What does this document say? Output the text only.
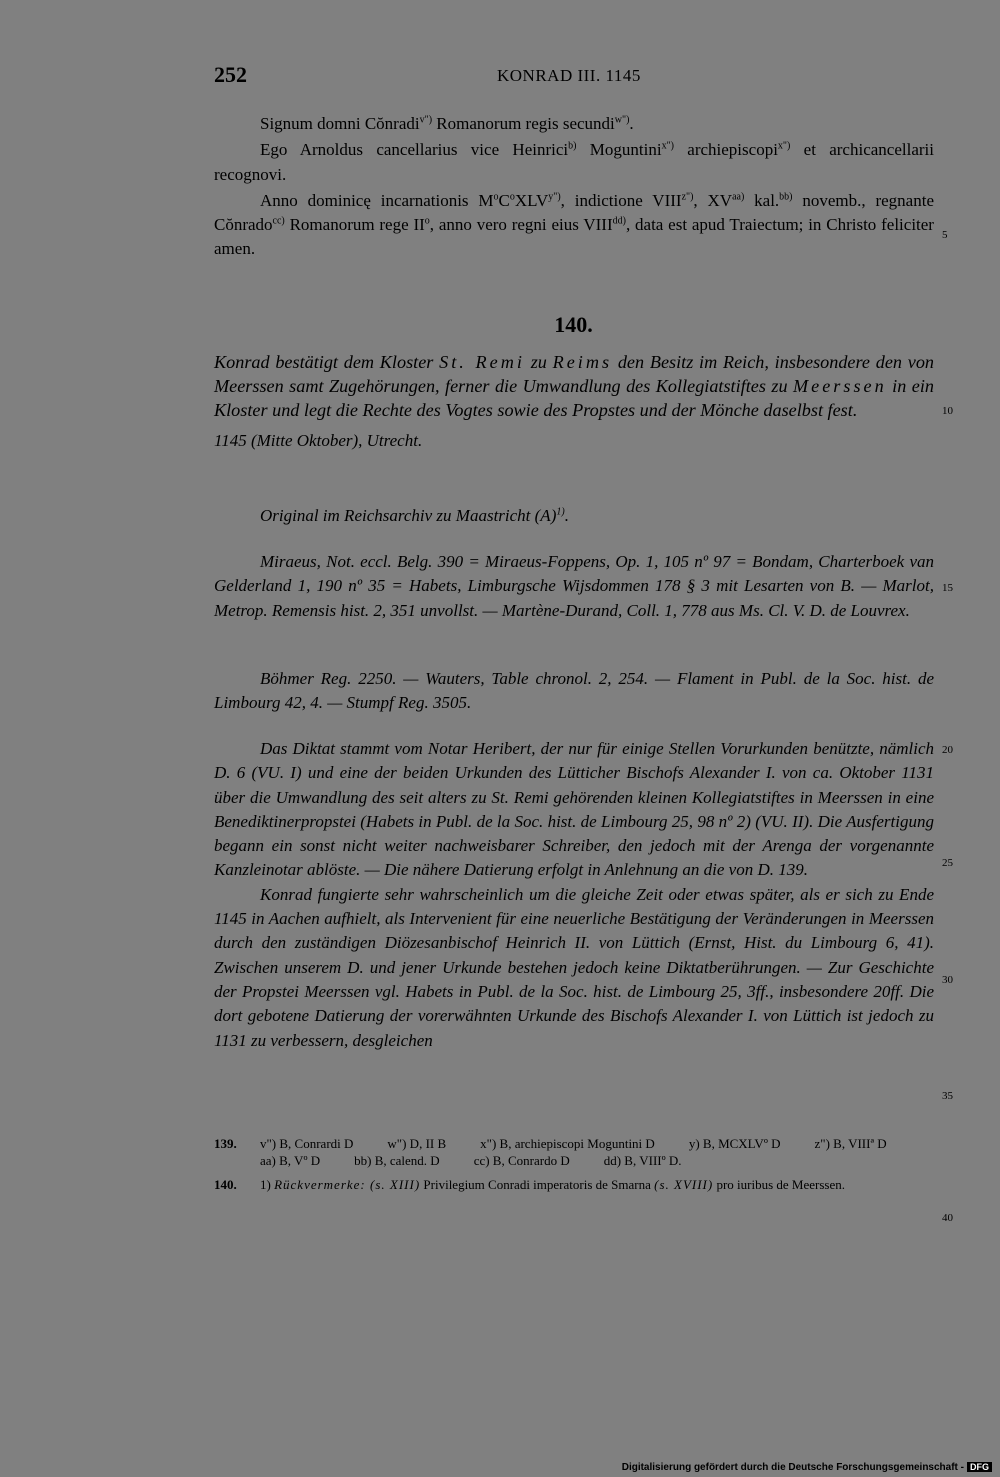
252	KONRAD III. 1145

Signum domni Cŏnradi$^{v")}$ Romanorum regis secundi$^{w")}$.

Ego Arnoldus cancellarius vice Heinrici$^{b)}$ Moguntini$^{x")}$ archiepiscopi$^{x")}$ et archicancellarii recognovi.

Anno dominicę incarnationis $M^oC^oXLV^{y")}$, indictione $VIII^{z")}$, $XV^{aa)}$ kal.$^{bb)}$ novemb., regnante Cŏnrado$^{cc)}$ Romanorum rege $II^o$, anno vero regni eius $VIII^{dd)}$, data est apud Traiectum; in Christo feliciter amen.

140.

Konrad bestätigt dem Kloster St. Remi zu Reims den Besitz im Reich, insbesondere den von Meerssen samt Zugehörungen, ferner die Umwandlung des Kollegiatstiftes zu Meerssen in ein Kloster und legt die Rechte des Vogtes sowie des Propstes und der Mönche daselbst fest.

1145 (Mitte Oktober), Utrecht.

Original im Reichsarchiv zu Maastricht $(A)^{1)}$.

Miraeus, Not. eccl. Belg. 390 = Miraeus-Foppens, Op. 1, 105 nº 97 = Bondam, Charterboek van Gelderland 1, 190 nº 35 = Habets, Limburgsche Wijsdommen 178 § 3 mit Lesarten von B. — Marlot, Metrop. Remensis hist. 2, 351 unvollst. — Martène-Durand, Coll. 1, 778 aus Ms. Cl. V. D. de Louvrex.

Böhmer Reg. 2250. — Wauters, Table chronol. 2, 254. — Flament in Publ. de la Soc. hist. de Limbourg 42, 4. — Stumpf Reg. 3505.

Das Diktat stammt vom Notar Heribert, der nur für einige Stellen Vorurkunden benützte, nämlich D. 6 (VU. I) und eine der beiden Urkunden des Lütticher Bischofs Alexander I. von ca. Oktober 1131 über die Umwandlung des seit alters zu St. Remi gehörenden kleinen Kollegiatstiftes in Meerssen in eine Benediktinerpropstei (Habets in Publ. de la Soc. hist. de Limbourg 25, 98 nº 2) (VU. II). Die Ausfertigung begann ein sonst nicht weiter nachweisbarer Schreiber, den jedoch mit der Arenga der vorgenannte Kanzleinotar ablöste. — Die nähere Datierung erfolgt in Anlehnung an die von D. 139.

Konrad fungierte sehr wahrscheinlich um die gleiche Zeit oder etwas später, als er sich zu Ende 1145 in Aachen aufhielt, als Intervenient für eine neuerliche Bestätigung der Veränderungen in Meerssen durch den zuständigen Diözesanbischof Heinrich II. von Lüttich (Ernst, Hist. du Limbourg 6, 41). Zwischen unserem D. und jener Urkunde bestehen jedoch keine Diktatberührungen. — Zur Geschichte der Propstei Meerssen vgl. Habets in Publ. de la Soc. hist. de Limbourg 25, 3ff., insbesondere 20ff. Die dort gebotene Datierung der vorerwähnten Urkunde des Bischofs Alexander I. von Lüttich ist jedoch zu 1131 zu verbessern, desgleichen

139. v") B, Conrardi D	w") D, II B	x") B, archiepiscopi Moguntini D	y) B, MCXLVº D	z") B, VIIIª Daa) B, Vº D	bb) B, calend. D	cc) B, Conrardo D	dd) B, VIIIº D.

140. 1) Rückvermerke: (s. XIII) Privilegium Conradi imperatoris de Smarna (s. XVIII) pro iuribus de Meerssen.

5
10
15
20
25
30
35
40
Digitalisierung gefördert durch die Deutsche Forschungsgemeinschaft - DFG
